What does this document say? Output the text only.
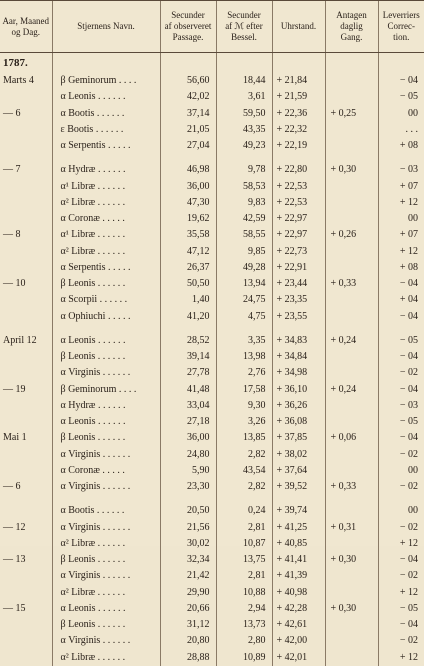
Aar, Maaned
og Dag.	Stjernens Navn.	Secunder
af observeret
Passage.	Secunder
af ℳ efter
Bessel.	Uhrstand.	Antagen
daglig
Gang.	Leverriers
Correc-
tion.
1787.						
Marts 4	β Geminorum . . . .	56,60	18,44	+ 21,84		− 04
	α Leonis . . . . . .	42,02	3,61	+ 21,59		− 05
— 6	α Bootis . . . . . .	37,14	59,50	+ 22,36	+ 0,25	00
	ε Bootis . . . . . .	21,05	43,35	+ 22,32		. . .
	α Serpentis . . . . .	27,04	49,23	+ 22,19		+ 08

— 7	α Hydræ . . . . . .	46,98	9,78	+ 22,80	+ 0,30	− 03
	α¹ Libræ . . . . . .	36,00	58,53	+ 22,53		+ 07
	α² Libræ . . . . . .	47,30	9,83	+ 22,53		+ 12
	α Coronæ . . . . .	19,62	42,59	+ 22,97		00
— 8	α¹ Libræ . . . . . .	35,58	58,55	+ 22,97	+ 0,26	+ 07
	α² Libræ . . . . . .	47,12	9,85	+ 22,73		+ 12
	α Serpentis . . . . .	26,37	49,28	+ 22,91		+ 08
— 10	β Leonis . . . . . .	50,50	13,94	+ 23,44	+ 0,33	− 04
	α Scorpii . . . . . .	1,40	24,75	+ 23,35		+ 04
	α Ophiuchi . . . . .	41,20	4,75	+ 23,55		− 04

April 12	α Leonis . . . . . .	28,52	3,35	+ 34,83	+ 0,24	− 05
	β Leonis . . . . . .	39,14	13,98	+ 34,84		− 04
	α Virginis . . . . . .	27,78	2,76	+ 34,98		− 02
— 19	β Geminorum . . . .	41,48	17,58	+ 36,10	+ 0,24	− 04
	α Hydræ . . . . . .	33,04	9,30	+ 36,26		− 03
	α Leonis . . . . . .	27,18	3,26	+ 36,08		− 05
Mai 1	β Leonis . . . . . .	36,00	13,85	+ 37,85	+ 0,06	− 04
	α Virginis . . . . . .	24,80	2,82	+ 38,02		− 02
	α Coronæ . . . . .	5,90	43,54	+ 37,64		00
— 6	α Virginis . . . . . .	23,30	2,82	+ 39,52	+ 0,33	− 02

	α Bootis . . . . . .	20,50	0,24	+ 39,74		00
— 12	α Virginis . . . . . .	21,56	2,81	+ 41,25	+ 0,31	− 02
	α² Libræ . . . . . .	30,02	10,87	+ 40,85		+ 12
— 13	β Leonis . . . . . .	32,34	13,75	+ 41,41	+ 0,30	− 04
	α Virginis . . . . . .	21,42	2,81	+ 41,39		− 02
	α² Libræ . . . . . .	29,90	10,88	+ 40,98		+ 12
— 15	α Leonis . . . . . .	20,66	2,94	+ 42,28	+ 0,30	− 05
	β Leonis . . . . . .	31,12	13,73	+ 42,61		− 04
	α Virginis . . . . . .	20,80	2,80	+ 42,00		− 02
	α² Libræ . . . . . .	28,88	10,89	+ 42,01		+ 12
